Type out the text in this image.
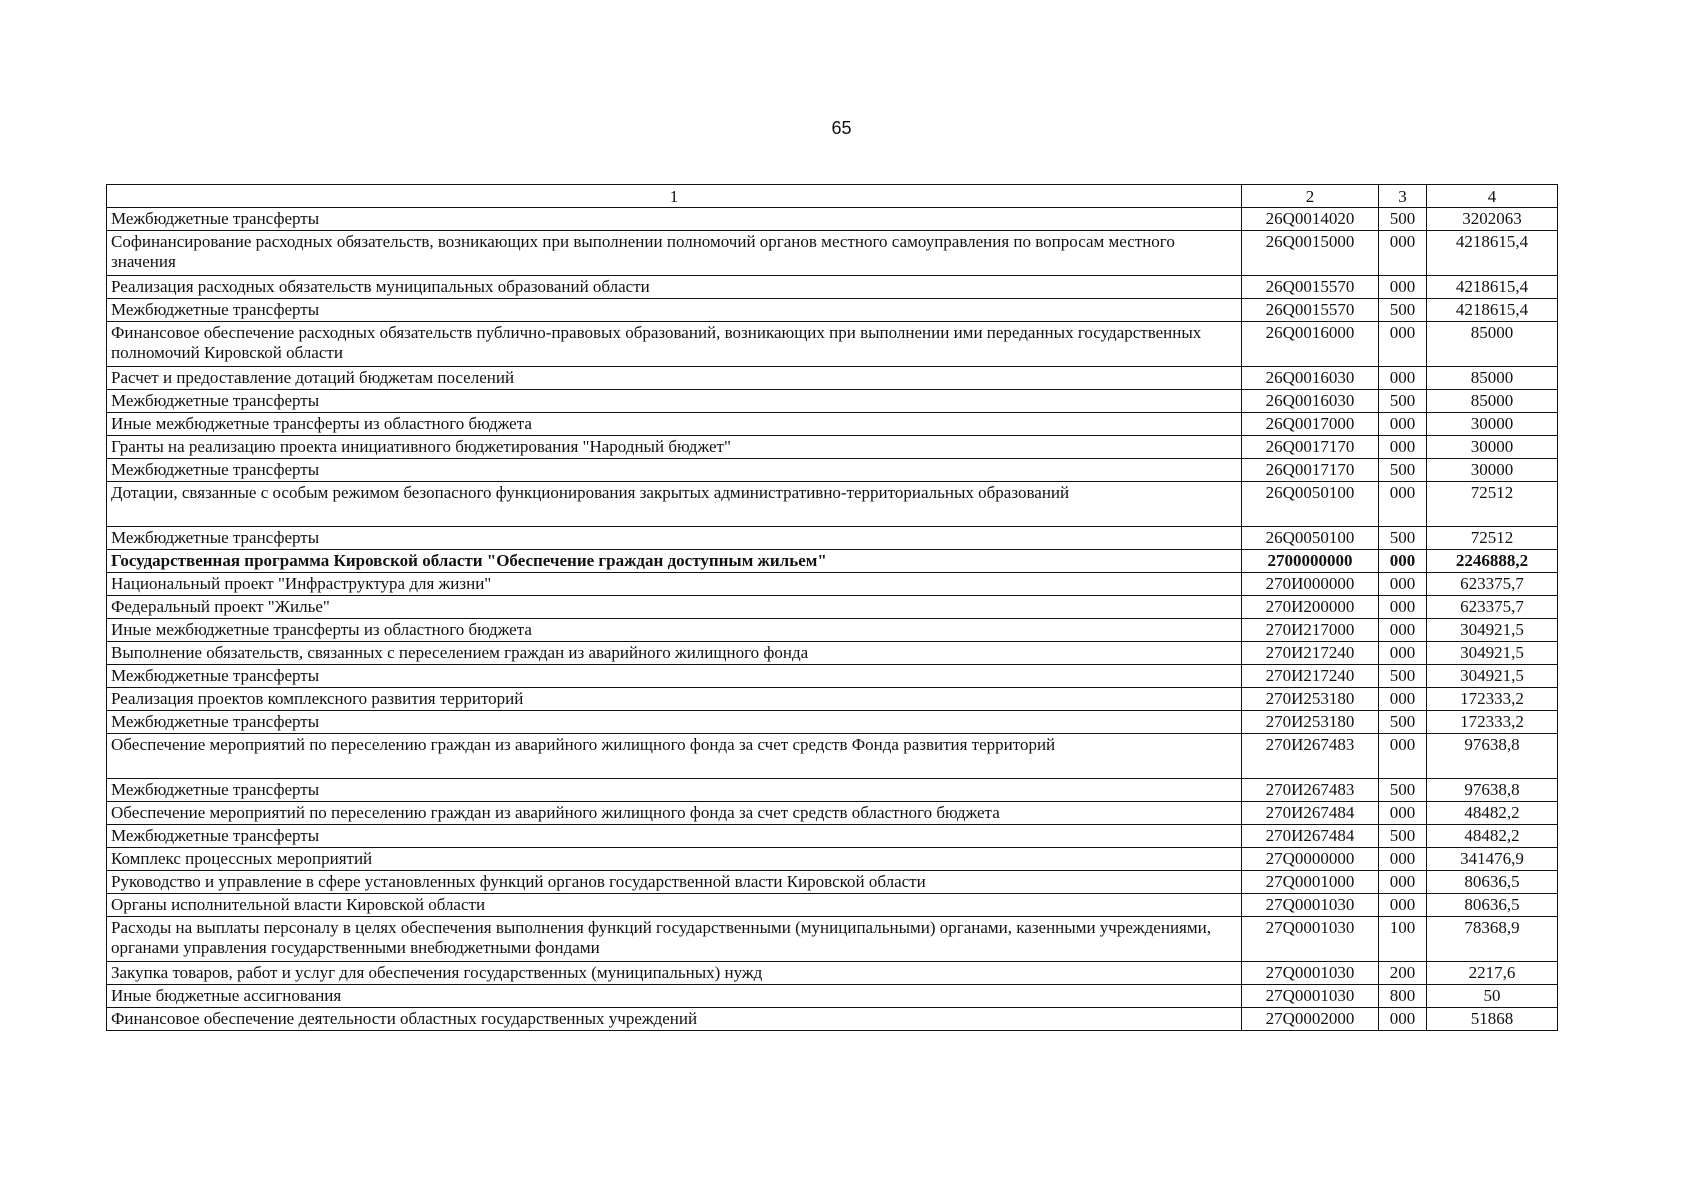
65
1	2	3	4
Межбюджетные трансферты	26Q0014020	500	3202063
Софинансирование расходных обязательств, возникающих при выполнении полномочий органов местного самоуправления по вопросам местного значения	26Q0015000	000	4218615,4
Реализация расходных обязательств муниципальных образований области	26Q0015570	000	4218615,4
Межбюджетные трансферты	26Q0015570	500	4218615,4
Финансовое обеспечение расходных обязательств публично-правовых образований, возникающих при выполнении ими переданных государственных полномочий Кировской области	26Q0016000	000	85000
Расчет и предоставление дотаций бюджетам поселений	26Q0016030	000	85000
Межбюджетные трансферты	26Q0016030	500	85000
Иные межбюджетные трансферты из областного бюджета	26Q0017000	000	30000
Гранты на реализацию проекта инициативного бюджетирования "Народный бюджет"	26Q0017170	000	30000
Межбюджетные трансферты	26Q0017170	500	30000
Дотации, связанные с особым режимом безопасного функционирования закрытых административно-территориальных образований	26Q0050100	000	72512
Межбюджетные трансферты	26Q0050100	500	72512
Государственная программа Кировской области "Обеспечение граждан доступным жильем"	2700000000	000	2246888,2
Национальный проект "Инфраструктура для жизни"	270И000000	000	623375,7
Федеральный проект "Жилье"	270И200000	000	623375,7
Иные межбюджетные трансферты из областного бюджета	270И217000	000	304921,5
Выполнение обязательств, связанных с переселением граждан из аварийного жилищного фонда	270И217240	000	304921,5
Межбюджетные трансферты	270И217240	500	304921,5
Реализация проектов комплексного развития территорий	270И253180	000	172333,2
Межбюджетные трансферты	270И253180	500	172333,2
Обеспечение мероприятий по переселению граждан из аварийного жилищного фонда за счет средств Фонда развития территорий	270И267483	000	97638,8
Межбюджетные трансферты	270И267483	500	97638,8
Обеспечение мероприятий по переселению граждан из аварийного жилищного фонда за счет средств областного бюджета	270И267484	000	48482,2
Межбюджетные трансферты	270И267484	500	48482,2
Комплекс процессных мероприятий	27Q0000000	000	341476,9
Руководство и управление в сфере установленных функций органов государственной власти Кировской области	27Q0001000	000	80636,5
Органы исполнительной власти Кировской области	27Q0001030	000	80636,5
Расходы на выплаты персоналу в целях обеспечения выполнения функций государственными (муниципальными) органами, казенными учреждениями, органами управления государственными внебюджетными фондами	27Q0001030	100	78368,9
Закупка товаров, работ и услуг для обеспечения государственных (муниципальных) нужд	27Q0001030	200	2217,6
Иные бюджетные ассигнования	27Q0001030	800	50
Финансовое обеспечение деятельности областных государственных учреждений	27Q0002000	000	51868
